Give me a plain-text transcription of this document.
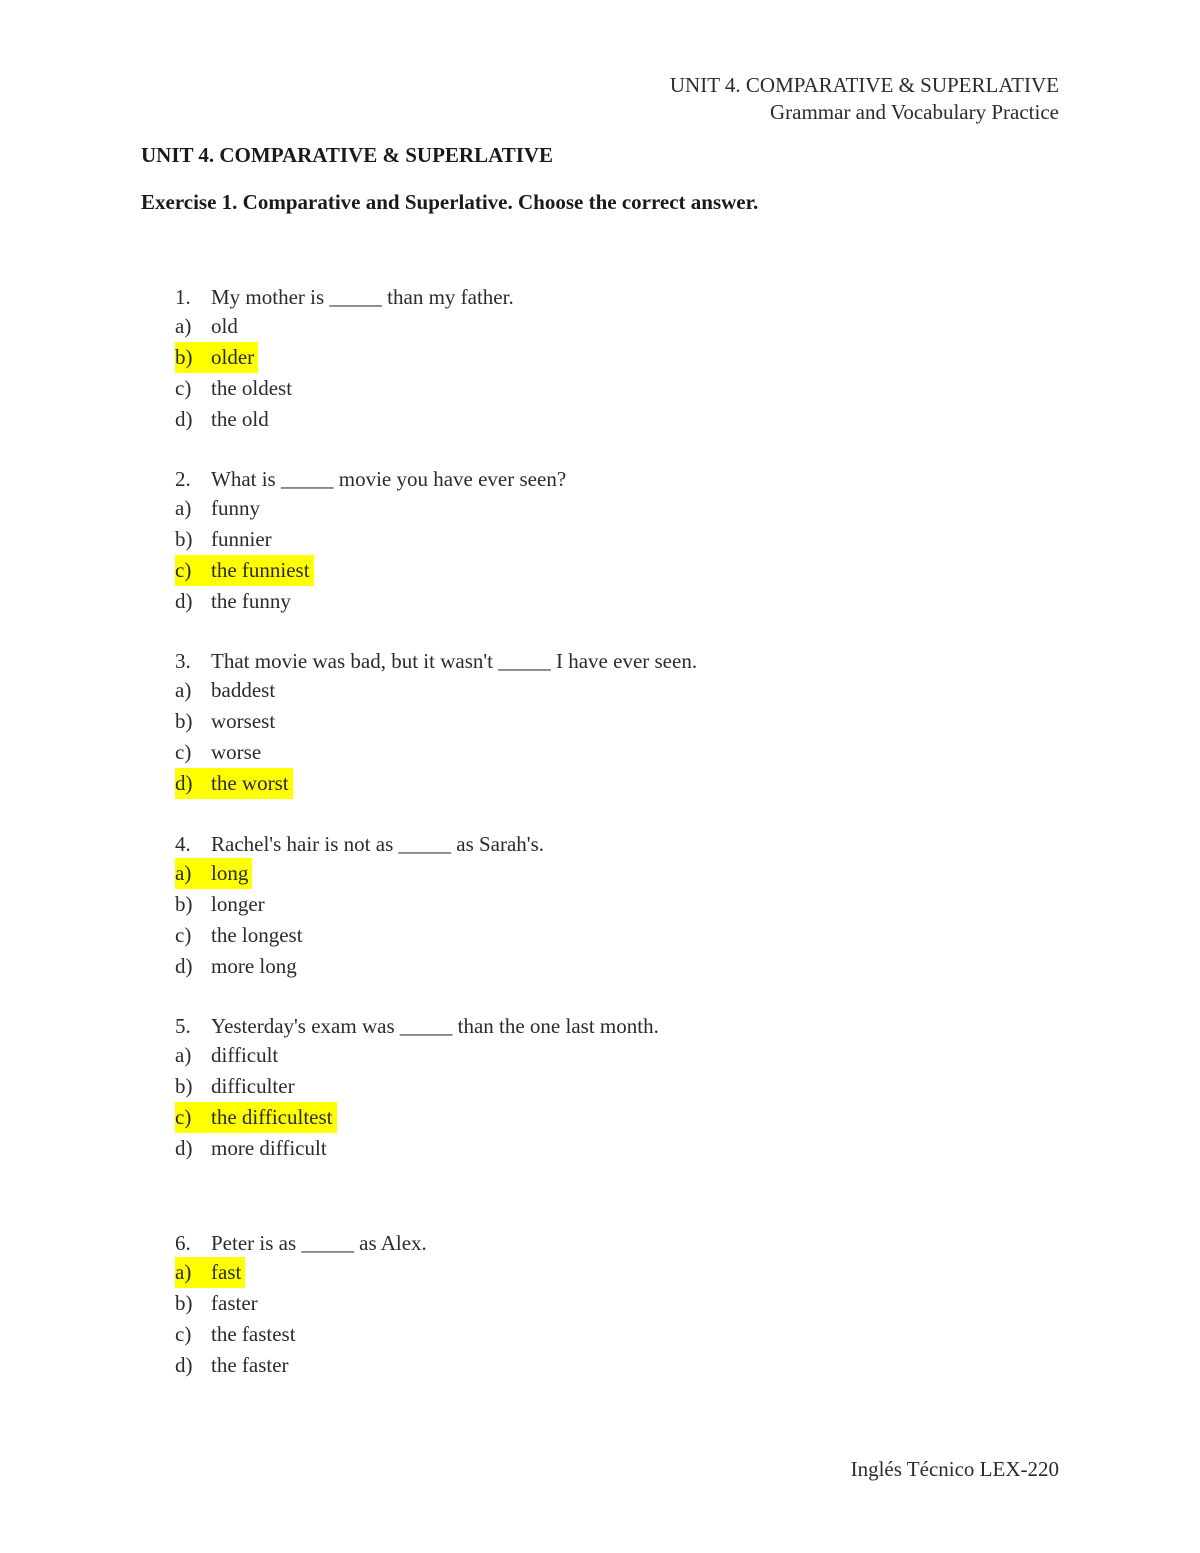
UNIT 4. COMPARATIVE & SUPERLATIVE
Grammar and Vocabulary Practice
UNIT 4. COMPARATIVE & SUPERLATIVE
Exercise 1. Comparative and Superlative. Choose the correct answer.
1. My mother is _____ than my father.
a) old
b) older
c) the oldest
d) the old
2. What is _____ movie you have ever seen?
a) funny
b) funnier
c) the funniest
d) the funny
3. That movie was bad, but it wasn't _____ I have ever seen.
a) baddest
b) worsest
c) worse
d) the worst
4. Rachel's hair is not as _____ as Sarah's.
a) long
b) longer
c) the longest
d) more long
5. Yesterday's exam was _____ than the one last month.
a) difficult
b) difficulter
c) the difficultest
d) more difficult
6. Peter is as _____ as Alex.
a) fast
b) faster
c) the fastest
d) the faster
Inglés Técnico LEX-220
